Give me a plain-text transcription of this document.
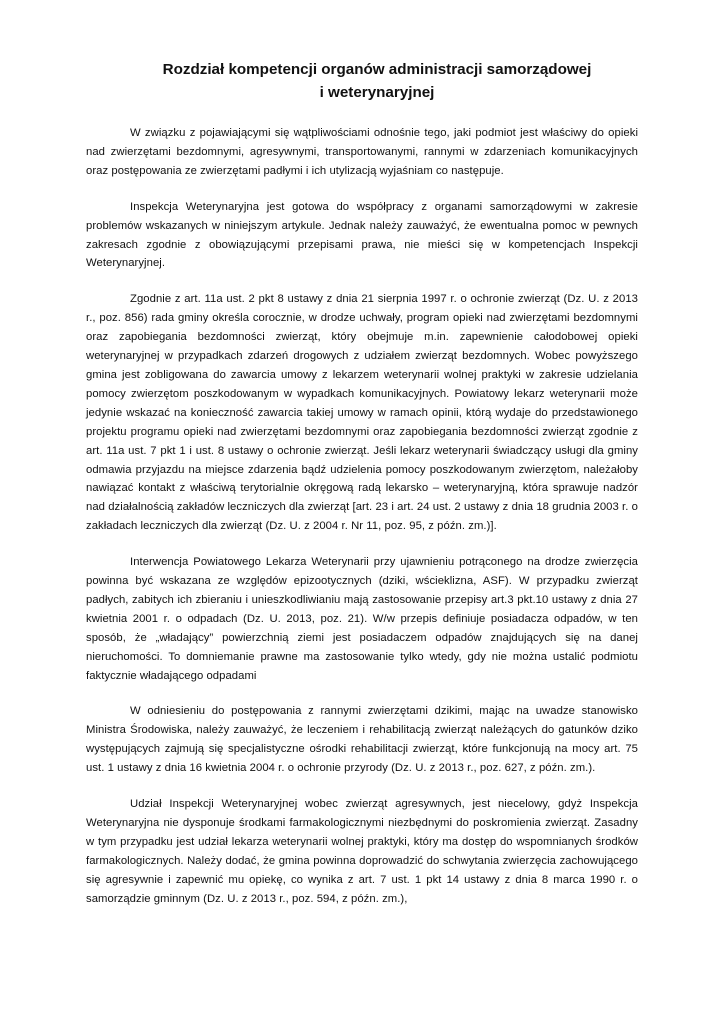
Rozdział kompetencji organów administracji samorządowej
i weterynaryjnej

W związku z pojawiającymi się wątpliwościami odnośnie tego, jaki podmiot jest właściwy do opieki nad zwierzętami bezdomnymi, agresywnymi, transportowanymi, rannymi w zdarzeniach komunikacyjnych oraz postępowania ze zwierzętami padłymi i ich utylizacją wyjaśniam co następuje.

Inspekcja Weterynaryjna jest gotowa do współpracy z organami samorządowymi w zakresie problemów wskazanych w niniejszym artykule. Jednak należy zauważyć, że ewentualna pomoc w pewnych zakresach zgodnie z obowiązującymi przepisami prawa, nie mieści się w kompetencjach Inspekcji Weterynaryjnej.

Zgodnie z art. 11a ust. 2 pkt 8 ustawy z dnia 21 sierpnia 1997 r. o ochronie zwierząt (Dz. U. z 2013 r., poz. 856) rada gminy określa corocznie, w drodze uchwały, program opieki nad zwierzętami bezdomnymi oraz zapobiegania bezdomności zwierząt, który obejmuje m.in. zapewnienie całodobowej opieki weterynaryjnej w przypadkach zdarzeń drogowych z udziałem zwierząt bezdomnych. Wobec powyższego gmina jest zobligowana do zawarcia umowy z lekarzem weterynarii wolnej praktyki w zakresie udzielania pomocy zwierzętom poszkodowanym w wypadkach komunikacyjnych. Powiatowy lekarz weterynarii może jedynie wskazać na konieczność zawarcia takiej umowy w ramach opinii, którą wydaje do przedstawionego projektu programu opieki nad zwierzętami bezdomnymi oraz zapobiegania bezdomności zwierząt zgodnie z art. 11a ust. 7 pkt 1 i ust. 8 ustawy o ochronie zwierząt. Jeśli lekarz weterynarii świadczący usługi dla gminy odmawia przyjazdu na miejsce zdarzenia bądź udzielenia pomocy poszkodowanym zwierzętom, należałoby nawiązać kontakt z właściwą terytorialnie okręgową radą lekarsko – weterynaryjną, która sprawuje nadzór nad działalnością zakładów leczniczych dla zwierząt [art. 23 i art. 24 ust. 2 ustawy z dnia 18 grudnia 2003 r. o zakładach leczniczych dla zwierząt (Dz. U. z 2004 r. Nr 11, poz. 95, z późn. zm.)].

Interwencja Powiatowego Lekarza Weterynarii przy ujawnieniu potrąconego na drodze zwierzęcia powinna być wskazana ze względów epizootycznych (dziki, wścieklizna, ASF). W przypadku zwierząt padłych, zabitych ich zbieraniu i unieszkodliwianiu mają zastosowanie przepisy art.3 pkt.10 ustawy z dnia 27 kwietnia 2001 r. o odpadach (Dz. U. 2013, poz. 21). W/w przepis definiuje posiadacza odpadów, w ten sposób, że „władający” powierzchnią ziemi jest posiadaczem odpadów znajdujących się na danej nieruchomości. To domniemanie prawne ma zastosowanie tylko wtedy, gdy nie można ustalić podmiotu faktycznie władającego odpadami

W odniesieniu do postępowania z rannymi zwierzętami dzikimi, mając na uwadze stanowisko Ministra Środowiska, należy zauważyć, że leczeniem i rehabilitacją zwierząt należących do gatunków dziko występujących zajmują się specjalistyczne ośrodki rehabilitacji zwierząt, które funkcjonują na mocy art. 75 ust. 1 ustawy z dnia 16 kwietnia 2004 r. o ochronie przyrody (Dz. U. z 2013 r., poz. 627, z późn. zm.).

Udział Inspekcji Weterynaryjnej wobec zwierząt agresywnych, jest niecelowy, gdyż Inspekcja Weterynaryjna nie dysponuje środkami farmakologicznymi niezbędnymi do poskromienia zwierząt. Zasadny w tym przypadku jest udział lekarza weterynarii wolnej praktyki, który ma dostęp do wspomnianych środków farmakologicznych. Należy dodać, że gmina powinna doprowadzić do schwytania zwierzęcia zachowującego się agresywnie i zapewnić mu opiekę, co wynika z art. 7 ust. 1 pkt 14 ustawy z dnia 8 marca 1990 r. o samorządzie gminnym (Dz. U. z 2013 r., poz. 594, z późn. zm.),
